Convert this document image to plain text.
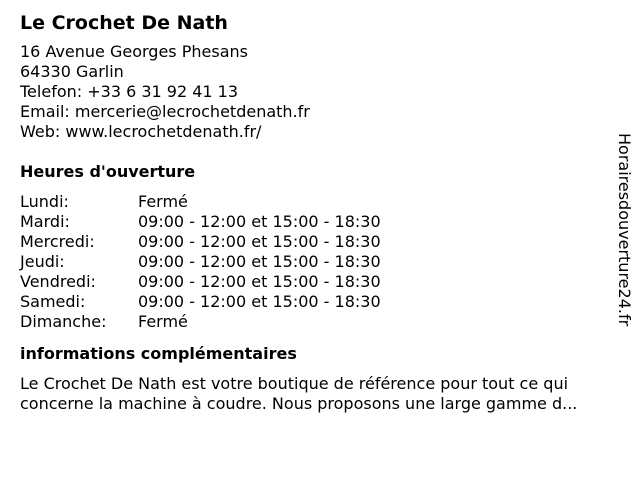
Le Crochet De Nath
16 Avenue Georges Phesans
64330 Garlin
Telefon: +33 6 31 92 41 13
Email: mercerie@lecrochetdenath.fr
Web: www.lecrochetdenath.fr/
Heures d'ouverture
Lundi:	Fermé
Mardi:	09:00 - 12:00 et 15:00 - 18:30
Mercredi:	09:00 - 12:00 et 15:00 - 18:30
Jeudi:	09:00 - 12:00 et 15:00 - 18:30
Vendredi:	09:00 - 12:00 et 15:00 - 18:30
Samedi:	09:00 - 12:00 et 15:00 - 18:30
Dimanche:	Fermé
informations complémentaires
Le Crochet De Nath est votre boutique de référence pour tout ce qui
concerne la machine à coudre. Nous proposons une large gamme d...
Horairesdouverture24.fr
